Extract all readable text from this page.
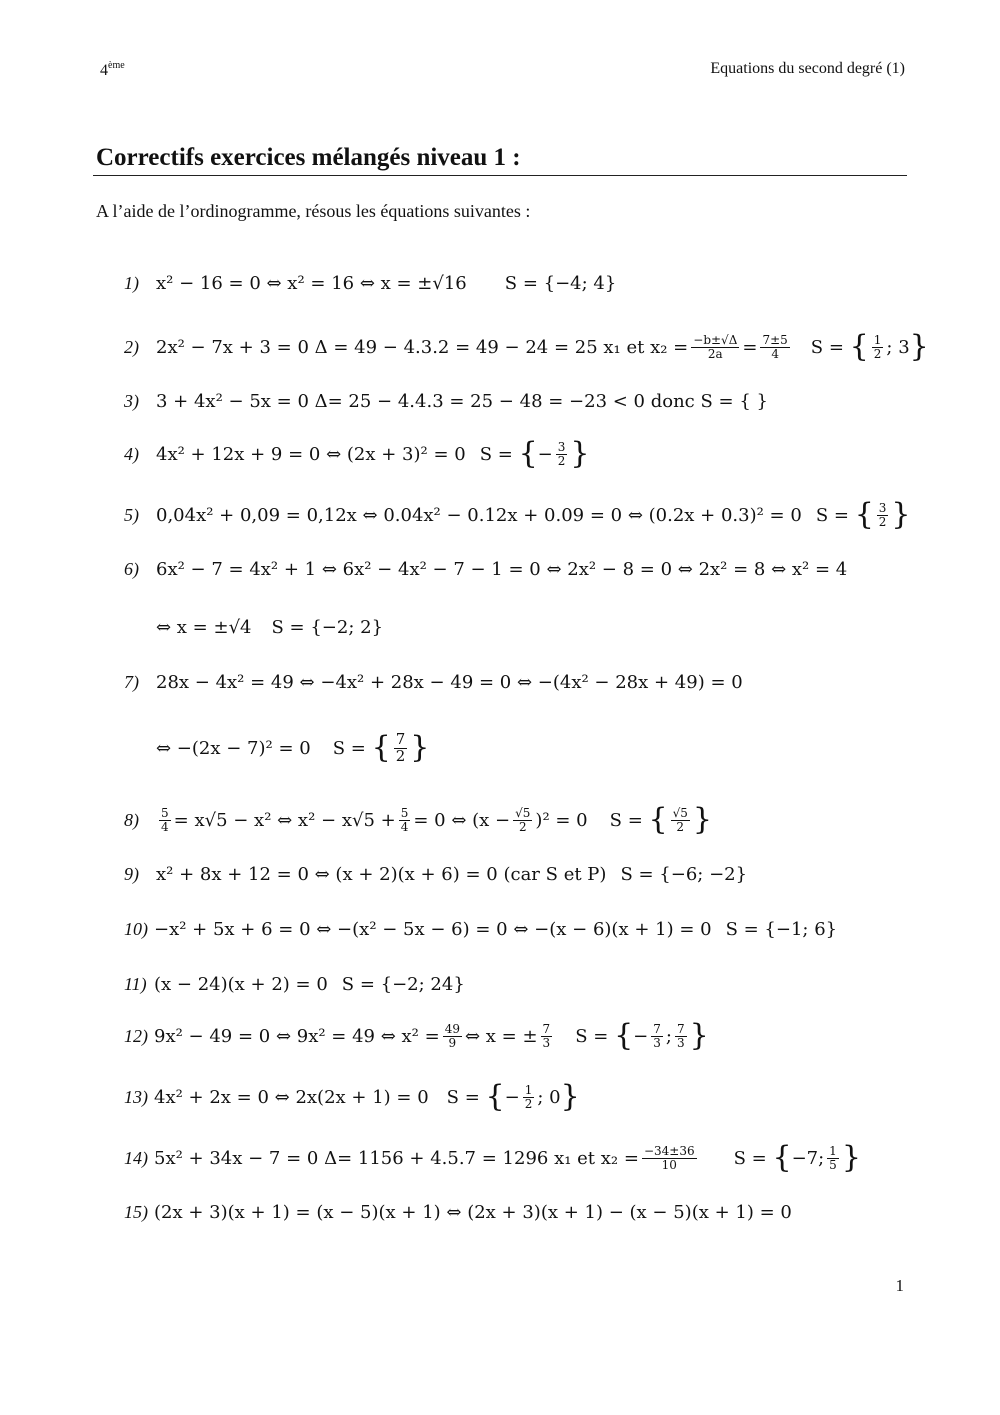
4ème	Equations du second degré (1)
Correctifs exercices mélangés niveau 1 :
A l’aide de l’ordinogramme, résous les équations suivantes :
1) x² − 16 = 0 ⇔ x² = 16 ⇔ x = ±√16 S = {−4; 4}
2) 2x² − 7x + 3 = 0 Δ = 49 − 4.3.2 = 49 − 24 = 25 x₁ et $x_2 = \frac{-b\pm√\Delta}{2a} = \frac{7\pm 5}{4}$ S =
{ $\frac{1}{2}$ ; 3 }
3) 3 + 4x² − 5x = 0 Δ= 25 − 4.4.3 = 25 − 48 = −23 < 0 donc S = { }
4) 4x² + 12x + 9 = 0 ⇔ (2x + 3)² = 0 S =
{ − $\frac{3}{2}$ }
5) 0,04x² + 0,09 = 0,12x ⇔ 0.04x² − 0.12x + 0.09 = 0 ⇔ (0.2x + 0.3)² = 0 S =
{ $\frac{3}{2}$ }
6) 6x² − 7 = 4x² + 1 ⇔ 6x² − 4x² − 7 − 1 = 0 ⇔ 2x² − 8 = 0 ⇔ 2x² = 8 ⇔ x² = 4
⇔ x = ±√4 S = {−2; 2}
7) 28x − 4x² = 49 ⇔ −4x² + 28x − 49 = 0 ⇔ −(4x² − 28x + 49) = 0
⇔ −(2x − 7)² = 0 S =
{ $\frac{7}{2}$ }
8)	$\frac{5}{4} = x√5 - x^2$ ⇔ $x^2 - x√5 + \frac{5}{4} = 0$ ⇔
$(x - \frac{√5}{2} )^2 = 0$ S =
{ $\frac{√5}{2}$ }
9) x² + 8x + 12 = 0 ⇔ (x + 2)(x + 6) = 0 (car S et P) S = {−6; −2}
10) −x² + 5x + 6 = 0 ⇔ −(x² − 5x − 6) = 0 ⇔ −(x − 6)(x + 1) = 0 S = {−1; 6}
11) (x − 24)(x + 2) = 0 S = {−2; 24}
12) 9x² − 49 = 0 ⇔ 9x² = 49 ⇔ $x^2 = \frac{49}{9}$ ⇔ x = ± $\frac{7}{3}$ S =
{ − $\frac{7}{3}$ ; $\frac{7}{3}$ }
13) 4x² + 2x = 0 ⇔ 2x(2x + 1) = 0 S =
{ − $\frac{1}{2}$ ; 0 }
14) 5x² + 34x − 7 = 0 Δ= 1156 + 4.5.7 = 1296 x₁ et $x_2 = \frac{-34\pm 36}{10}$ S =
{ −7; $\frac{1}{5}$ }
15) (2x + 3)(x + 1) = (x − 5)(x + 1) ⇔ (2x + 3)(x + 1) − (x − 5)(x + 1) = 0
1
